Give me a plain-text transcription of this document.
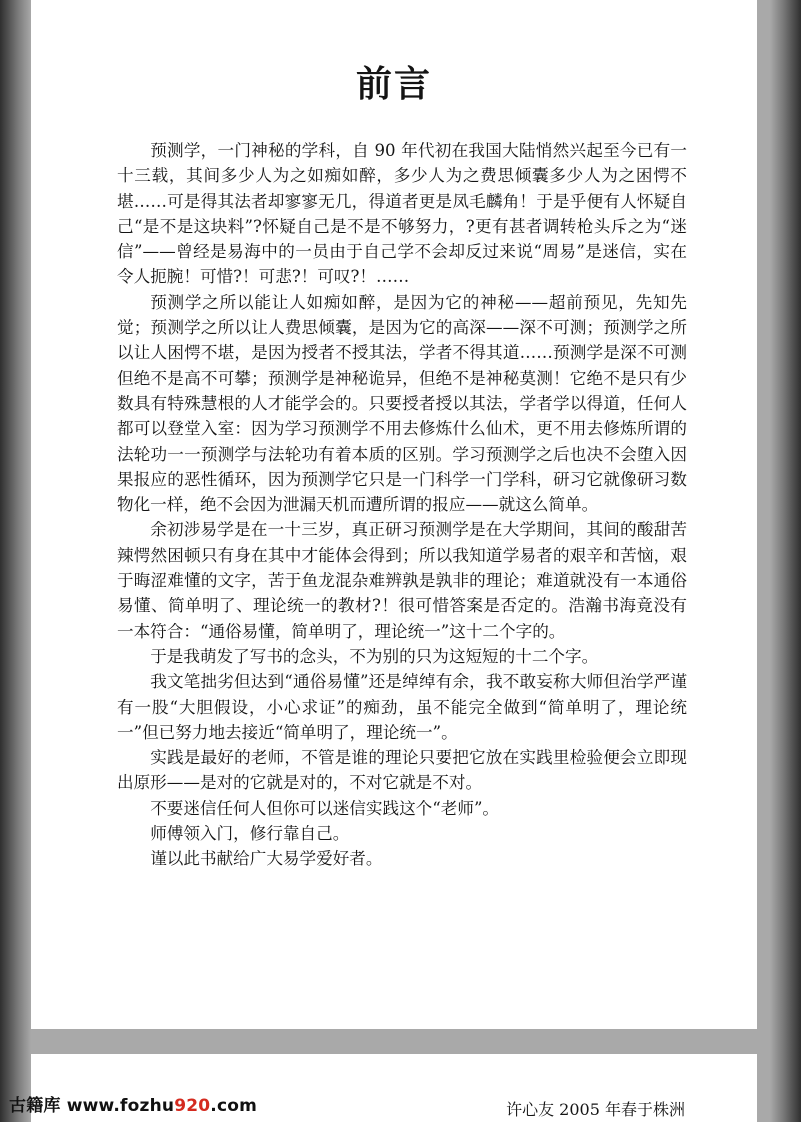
前言

预测学，一门神秘的学科，自 90 年代初在我国大陆悄然兴起至今已有一十三载，其间多少人为之如痴如醉，多少人为之费思倾囊多少人为之困愕不堪……可是得其法者却寥寥无几，得道者更是凤毛麟角！于是乎便有人怀疑自己“是不是这块料”?怀疑自己是不是不够努力，?更有甚者调转枪头斥之为“迷信”——曾经是易海中的一员由于自己学不会却反过来说“周易”是迷信，实在令人扼腕！可惜?！可悲?！可叹?！……

预测学之所以能让人如痴如醉，是因为它的神秘——超前预见，先知先觉；预测学之所以让人费思倾囊，是因为它的高深——深不可测；预测学之所以让人困愕不堪，是因为授者不授其法，学者不得其道……预测学是深不可测但绝不是高不可攀；预测学是神秘诡异，但绝不是神秘莫测！它绝不是只有少数具有特殊慧根的人才能学会的。只要授者授以其法，学者学以得道，任何人都可以登堂入室：因为学习预测学不用去修炼什么仙术，更不用去修炼所谓的法轮功一一预测学与法轮功有着本质的区别。学习预测学之后也决不会堕入因果报应的恶性循环，因为预测学它只是一门科学一门学科，研习它就像研习数物化一样，绝不会因为泄漏天机而遭所谓的报应——就这么简单。

余初涉易学是在一十三岁，真正研习预测学是在大学期间，其间的酸甜苦辣愕然困顿只有身在其中才能体会得到；所以我知道学易者的艰辛和苦恼，艰于晦涩难懂的文字，苦于鱼龙混杂难辨孰是孰非的理论；难道就没有一本通俗易懂、简单明了、理论统一的教材?！很可惜答案是否定的。浩瀚书海竟没有一本符合：“通俗易懂，简单明了，理论统一”这十二个字的。

于是我萌发了写书的念头，不为别的只为这短短的十二个字。

我文笔拙劣但达到“通俗易懂”还是绰绰有余，我不敢妄称大师但治学严谨有一股“大胆假设，小心求证”的痴劲，虽不能完全做到“简单明了，理论统一”但已努力地去接近“简单明了，理论统一”。

实践是最好的老师，不管是谁的理论只要把它放在实践里检验便会立即现出原形——是对的它就是对的，不对它就是不对。

不要迷信任何人但你可以迷信实践这个“老师”。

师傅领入门，修行靠自己。

谨以此书献给广大易学爱好者。

许心友 2005 年春于株洲
古籍库 www.fozhu920.com
